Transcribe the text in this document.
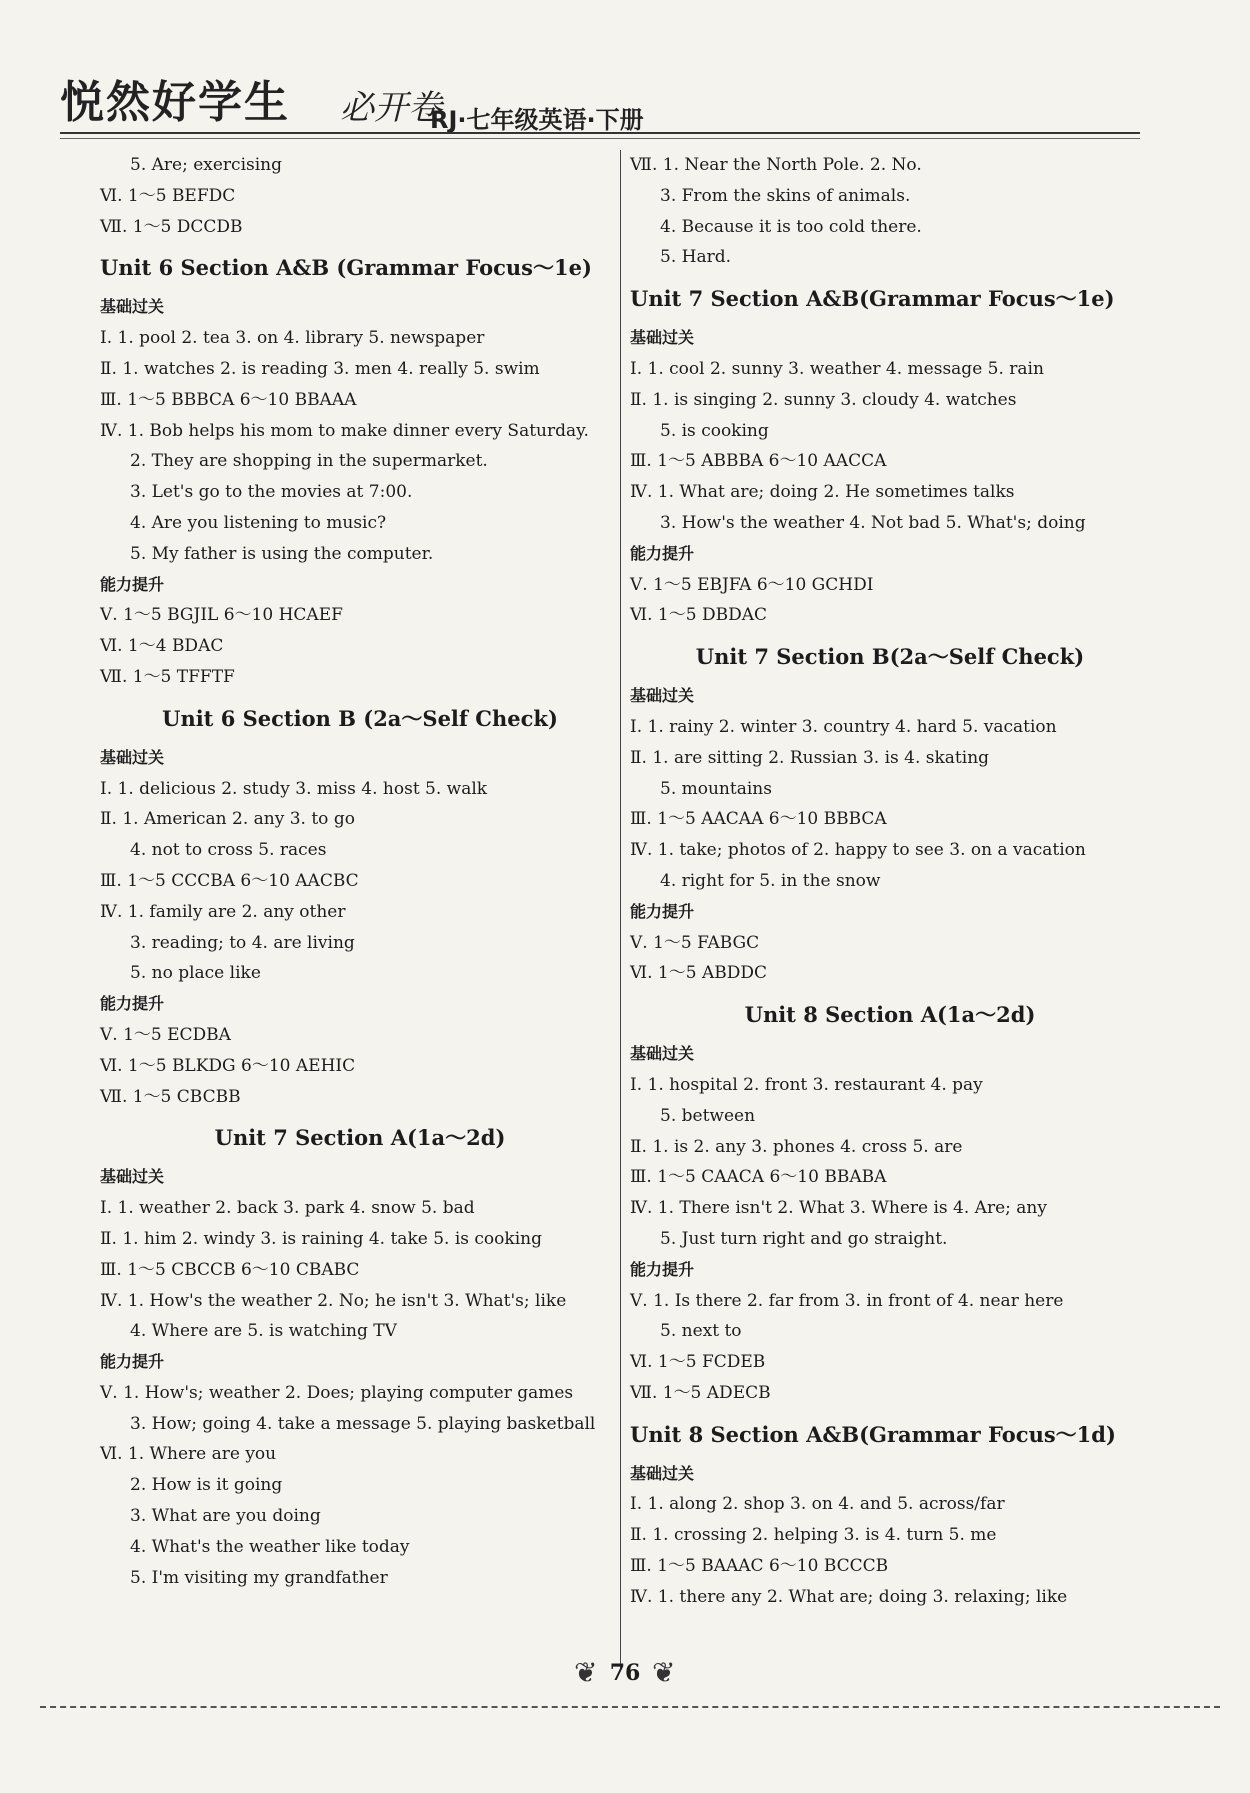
悦然好学生 必开卷
RJ·七年级英语·下册
5. Are; exercising
Ⅵ. 1～5 BEFDC
Ⅶ. 1～5 DCCDB
Unit 6 Section A&B (Grammar Focus～1e)
基础过关
Ⅰ. 1. pool 2. tea 3. on 4. library 5. newspaper
Ⅱ. 1. watches 2. is reading 3. men 4. really 5. swim
Ⅲ. 1～5 BBBCA 6～10 BBAAA
Ⅳ. 1. Bob helps his mom to make dinner every Saturday.
2. They are shopping in the supermarket.
3. Let's go to the movies at 7:00.
4. Are you listening to music?
5. My father is using the computer.
能力提升
Ⅴ. 1～5 BGJIL 6～10 HCAEF
Ⅵ. 1～4 BDAC
Ⅶ. 1～5 TFFTF
Unit 6 Section B (2a～Self Check)
基础过关
Ⅰ. 1. delicious 2. study 3. miss 4. host 5. walk
Ⅱ. 1. American 2. any 3. to go
4. not to cross 5. races
Ⅲ. 1～5 CCCBA 6～10 AACBC
Ⅳ. 1. family are 2. any other
3. reading; to 4. are living
5. no place like
能力提升
Ⅴ. 1～5 ECDBA
Ⅵ. 1～5 BLKDG 6～10 AEHIC
Ⅶ. 1～5 CBCBB
Unit 7 Section A(1a～2d)
基础过关
Ⅰ. 1. weather 2. back 3. park 4. snow 5. bad
Ⅱ. 1. him 2. windy 3. is raining 4. take 5. is cooking
Ⅲ. 1～5 CBCCB 6～10 CBABC
Ⅳ. 1. How's the weather 2. No; he isn't 3. What's; like
4. Where are 5. is watching TV
能力提升
Ⅴ. 1. How's; weather 2. Does; playing computer games
3. How; going 4. take a message 5. playing basketball
Ⅵ. 1. Where are you
2. How is it going
3. What are you doing
4. What's the weather like today
5. I'm visiting my grandfather
Ⅶ. 1. Near the North Pole. 2. No.
3. From the skins of animals.
4. Because it is too cold there.
5. Hard.
Unit 7 Section A&B(Grammar Focus～1e)
基础过关
Ⅰ. 1. cool 2. sunny 3. weather 4. message 5. rain
Ⅱ. 1. is singing 2. sunny 3. cloudy 4. watches
5. is cooking
Ⅲ. 1～5 ABBBA 6～10 AACCA
Ⅳ. 1. What are; doing 2. He sometimes talks
3. How's the weather 4. Not bad 5. What's; doing
能力提升
Ⅴ. 1～5 EBJFA 6～10 GCHDI
Ⅵ. 1～5 DBDAC
Unit 7 Section B(2a～Self Check)
基础过关
Ⅰ. 1. rainy 2. winter 3. country 4. hard 5. vacation
Ⅱ. 1. are sitting 2. Russian 3. is 4. skating
5. mountains
Ⅲ. 1～5 AACAA 6～10 BBBCA
Ⅳ. 1. take; photos of 2. happy to see 3. on a vacation
4. right for 5. in the snow
能力提升
Ⅴ. 1～5 FABGC
Ⅵ. 1～5 ABDDC
Unit 8 Section A(1a～2d)
基础过关
Ⅰ. 1. hospital 2. front 3. restaurant 4. pay
5. between
Ⅱ. 1. is 2. any 3. phones 4. cross 5. are
Ⅲ. 1～5 CAACA 6～10 BBABA
Ⅳ. 1. There isn't 2. What 3. Where is 4. Are; any
5. Just turn right and go straight.
能力提升
Ⅴ. 1. Is there 2. far from 3. in front of 4. near here
5. next to
Ⅵ. 1～5 FCDEB
Ⅶ. 1～5 ADECB
Unit 8 Section A&B(Grammar Focus～1d)
基础过关
Ⅰ. 1. along 2. shop 3. on 4. and 5. across/far
Ⅱ. 1. crossing 2. helping 3. is 4. turn 5. me
Ⅲ. 1～5 BAAAC 6～10 BCCCB
Ⅳ. 1. there any 2. What are; doing 3. relaxing; like
❦ 76 ❦
